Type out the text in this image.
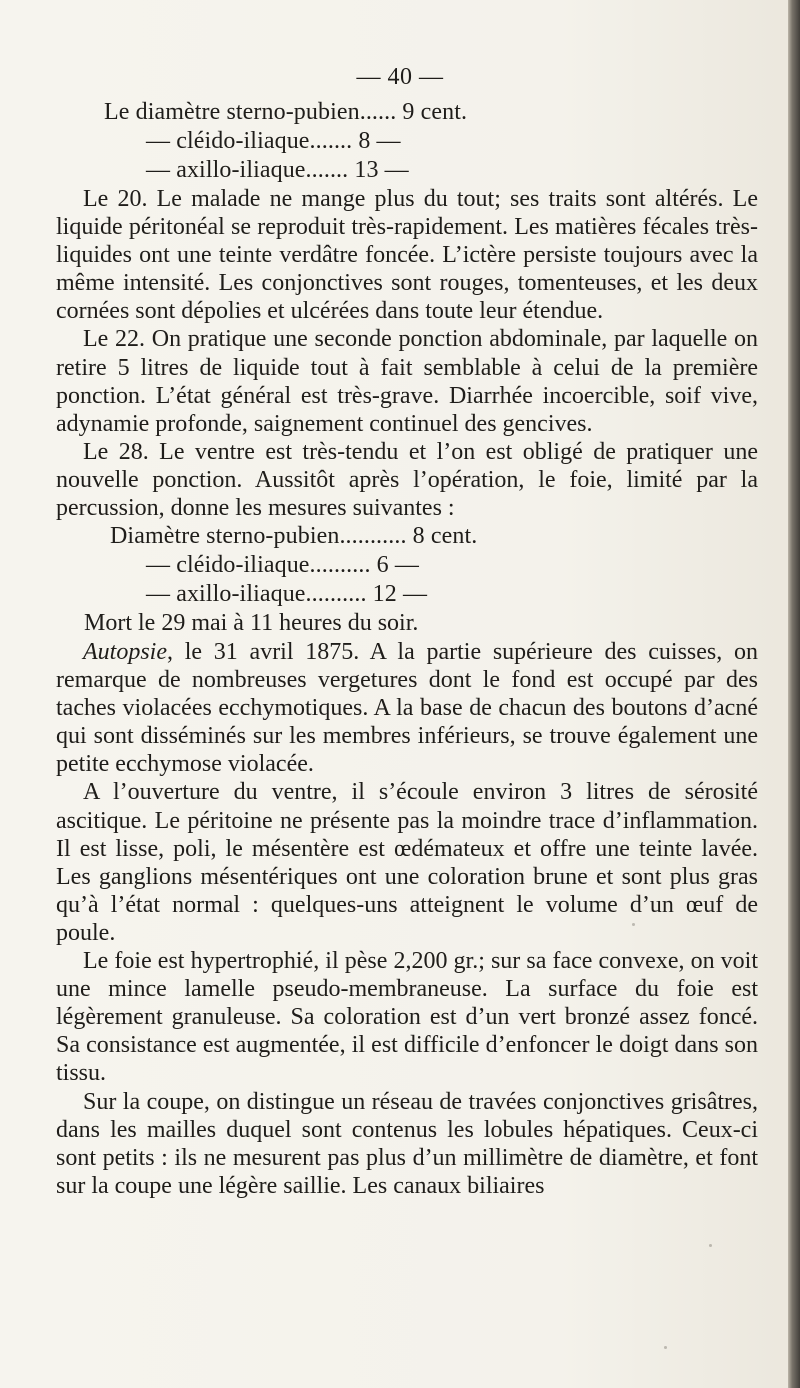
— 40 —
Le diamètre sterno-pubien...... 9 cent.
— cléido-iliaque....... 8 —
— axillo-iliaque....... 13 —

Le 20. Le malade ne mange plus du tout; ses traits sont altérés. Le liquide péritonéal se reproduit très-rapidement. Les matières fécales très-liquides ont une teinte verdâtre foncée. L’ictère persiste toujours avec la même intensité. Les conjonctives sont rouges, tomenteuses, et les deux cornées sont dépolies et ulcérées dans toute leur étendue.

Le 22. On pratique une seconde ponction abdominale, par laquelle on retire 5 litres de liquide tout à fait semblable à celui de la première ponction. L’état général est très-grave. Diarrhée incoercible, soif vive, adynamie profonde, saignement continuel des gencives.

Le 28. Le ventre est très-tendu et l’on est obligé de pratiquer une nouvelle ponction. Aussitôt après l’opération, le foie, limité par la percussion, donne les mesures suivantes :

Diamètre sterno-pubien........... 8 cent.
— cléido-iliaque.......... 6 —
— axillo-iliaque.......... 12 —
Mort le 29 mai à 11 heures du soir.

Autopsie, le 31 avril 1875. A la partie supérieure des cuisses, on remarque de nombreuses vergetures dont le fond est occupé par des taches violacées ecchymotiques. A la base de chacun des boutons d’acné qui sont disséminés sur les membres inférieurs, se trouve également une petite ecchymose violacée.

A l’ouverture du ventre, il s’écoule environ 3 litres de sérosité ascitique. Le péritoine ne présente pas la moindre trace d’inflammation. Il est lisse, poli, le mésentère est œdémateux et offre une teinte lavée. Les ganglions mésentériques ont une coloration brune et sont plus gras qu’à l’état normal : quelques-uns atteignent le volume d’un œuf de poule.

Le foie est hypertrophié, il pèse 2,200 gr.; sur sa face convexe, on voit une mince lamelle pseudo-membraneuse. La surface du foie est légèrement granuleuse. Sa coloration est d’un vert bronzé assez foncé. Sa consistance est augmentée, il est difficile d’enfoncer le doigt dans son tissu.

Sur la coupe, on distingue un réseau de travées conjonctives grisâtres, dans les mailles duquel sont contenus les lobules hépatiques. Ceux-ci sont petits : ils ne mesurent pas plus d’un millimètre de diamètre, et font sur la coupe une légère saillie. Les canaux biliaires
